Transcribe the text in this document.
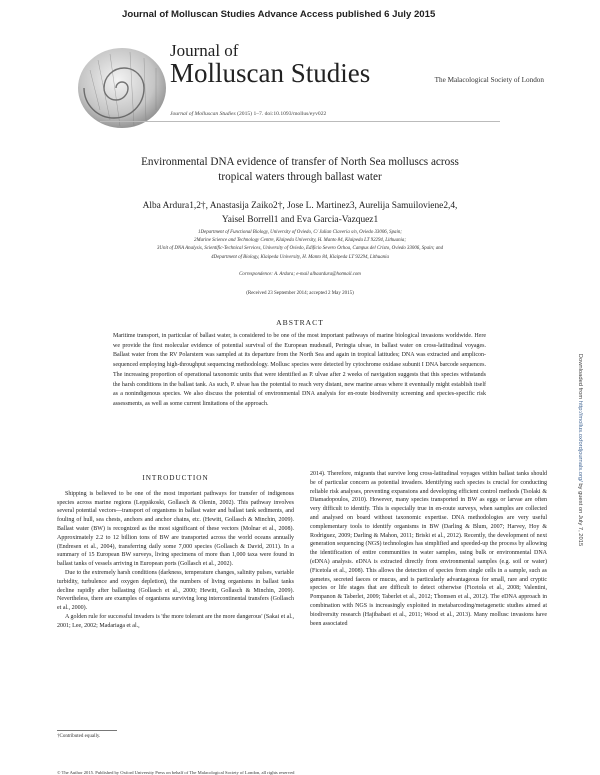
Journal of Molluscan Studies Advance Access published 6 July 2015
Journal of
Molluscan Studies	The Malacological Society of London
Journal of Molluscan Studies (2015) 1–7. doi:10.1093/mollus/eyv022
Environmental DNA evidence of transfer of North Sea molluscs across
tropical waters through ballast water
Alba Ardura1,2†, Anastasija Zaiko2†, Jose L. Martinez3, Aurelija Samuiloviene2,4,
Yaisel Borrell1 and Eva Garcia-Vazquez1
1Department of Functional Biology, University of Oviedo, C/ Julian Claveria s/n, Oviedo 33006, Spain;
2Marine Science and Technology Centre, Klaipeda University, H. Manto 84, Klaipeda LT 92294, Lithuania;
3Unit of DNA Analysis, Scientific-Technical Services, University of Oviedo, Edificio Severo Ochoa, Campus del Cristo, Oviedo 33006, Spain; and
4Department of Biology, Klaipeda University, H. Manto 84, Klaipeda LT 92294, Lithuania
Correspondence: A. Ardura; e-mail albaardura@hotmail.com
(Received 23 September 2014; accepted 2 May 2015)
ABSTRACT
Maritime transport, in particular of ballast water, is considered to be one of the most important pathways of marine biological invasions worldwide. Here we provide the first molecular evidence of potential survival of the European mudsnail, Peringia ulvae, in ballast water on cross-latitudinal voyages. Ballast water from the RV Polarstern was sampled at its departure from the North Sea and again in tropical latitudes; DNA was extracted and amplicon-sequenced employing high-throughput sequencing methodology. Mollusc species were detected by cytochrome oxidase subunit I DNA barcode sequences. The increasing proportion of operational taxonomic units that were identified as P. ulvae after 2 weeks of navigation suggests that this species withstands the harsh conditions in the ballast tank. As such, P. ulvae has the potential to reach very distant, new marine areas where it eventually might establish itself as a nonindigenous species. We also discuss the potential of environmental DNA analysis for en-route biodiversity screening and species-specific risk assessments, as well as some current limitations of the approach.

INTRODUCTION

Shipping is believed to be one of the most important pathways for transfer of indigenous species across marine regions (Leppäkoski, Gollasch & Olenin, 2002). This pathway involves several potential vectors—transport of organisms in ballast water and ballast tank sediments, and fouling of hull, sea chests, anchors and anchor chains, etc. (Hewitt, Gollasch & Minchin, 2009). Ballast water (BW) is recognized as the most significant of these vectors (Molnar et al., 2008). Approximately 2.2 to 12 billion tons of BW are transported across the world oceans annually (Endresen et al., 2004), transferring daily some 7,000 species (Gollasch & David, 2011). In a summary of 15 European BW surveys, living specimens of more than 1,000 taxa were found in ballast tanks of vessels arriving in European ports (Gollasch et al., 2002).

Due to the extremely harsh conditions (darkness, temperature changes, salinity pulses, variable turbidity, turbulence and oxygen depletion), the numbers of living organisms in ballast tanks decline rapidly after ballasting (Gollasch et al., 2000; Hewitt, Gollasch & Minchin, 2009). Nevertheless, there are examples of organisms surviving long intercontinental transfers (Gollasch et al., 2000).

A golden rule for successful invaders is 'the more tolerant are the more dangerous' (Sakai et al., 2001; Lee, 2002; Madariaga et al.,

2014). Therefore, migrants that survive long cross-latitudinal voyages within ballast tanks should be of particular concern as potential invaders. Identifying such species is crucial for conducting reliable risk analyses, preventing expansions and developing efficient control methods (Tsolaki & Diamadopoulos, 2010). However, many species transported in BW as eggs or larvae are often very difficult to identify. This is especially true in en-route surveys, when samples are collected and analysed on board without taxonomic expertise. DNA methodologies are very useful complementary tools to identify organisms in BW (Darling & Blum, 2007; Harvey, Hoy & Rodriguez, 2009; Darling & Mahon, 2011; Briski et al., 2012). Recently, the development of next generation sequencing (NGS) technologies has simplified and speeded-up the process by allowing the identification of entire communities in water samples, using bulk or environmental DNA (eDNA) analysis. eDNA is extracted directly from environmental samples (e.g. soil or water) (Ficetola et al., 2008). This allows the detection of species from single cells in a sample, such as gametes, secreted faeces or mucus, and is particularly advantageous for small, rare and cryptic species or life stages that are difficult to detect otherwise (Ficetola et al., 2008; Valentini, Pompanon & Taberlet, 2009; Taberlet et al., 2012; Thomsen et al., 2012). The eDNA approach in combination with NGS is increasingly exploited in metabarcoding/metagenetic studies aimed at biodiversity research (Hajibabaei et al., 2011; Wood et al., 2013). Many mollusc invasions have been associated

†Contributed equally.
© The Author 2015. Published by Oxford University Press on behalf of The Malacological Society of London, all rights reserved
Downloaded from http://mollus.oxfordjournals.org/ by guest on July 7, 2015
